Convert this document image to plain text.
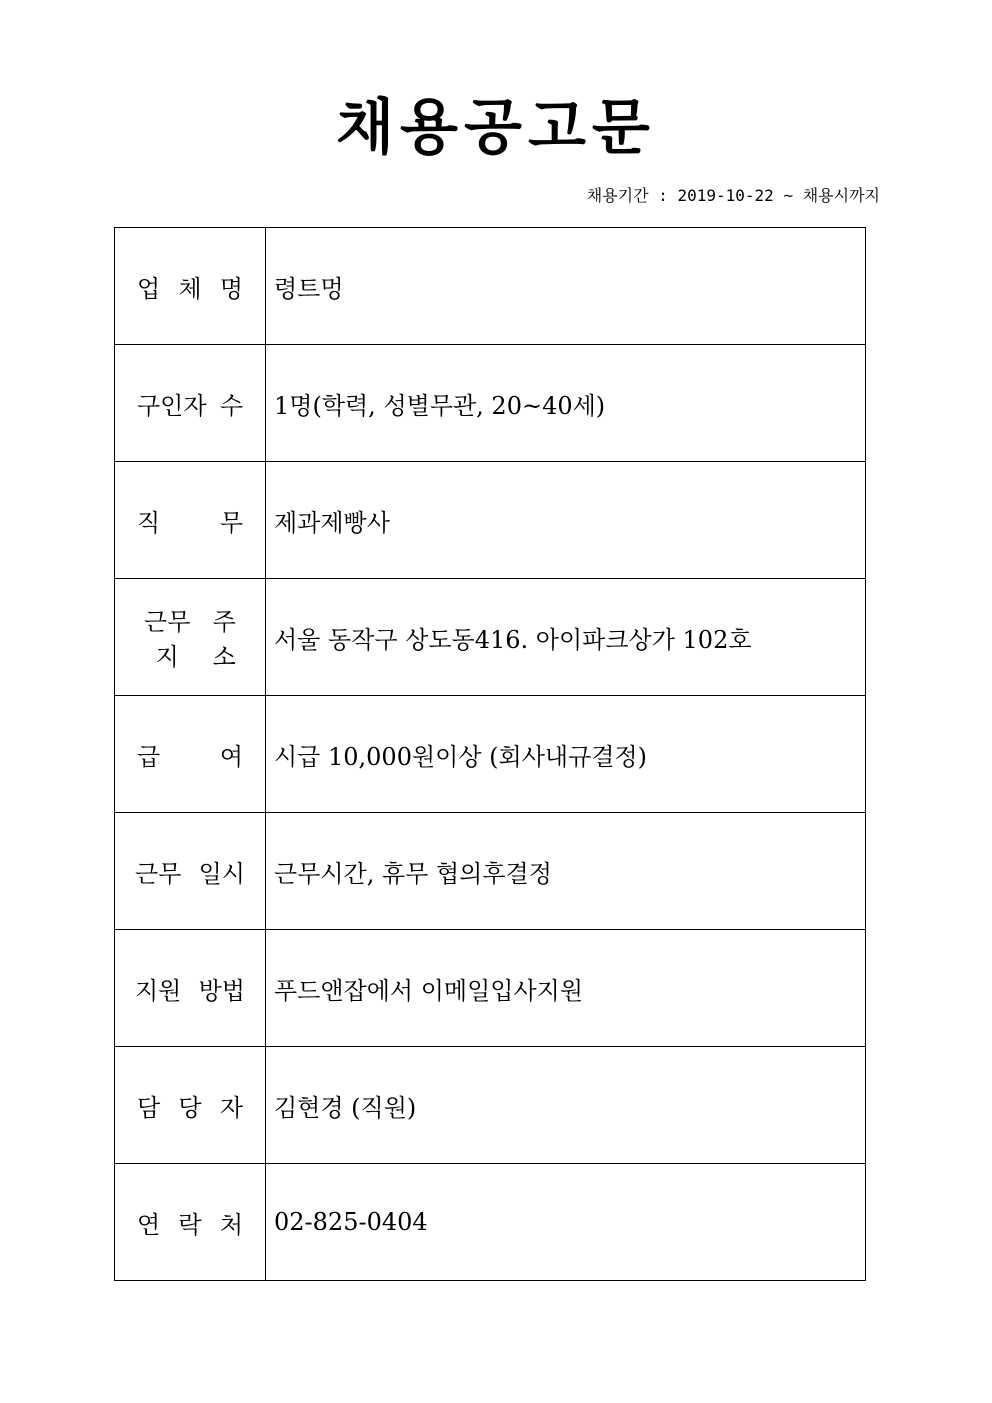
채용공고문
채용기간 : 2019-10-22 ~ 채용시까지
업 체 명	령트멍

구인자 수	1명(학력, 성별무관, 20~40세)

직 무	제과제빵사

근무지
주소	서울 동작구 상도동416. 아이파크상가 102호

급 여	시급 10,000원이상 (회사내규결정)

근무 일시	근무시간, 휴무 협의후결정

지원 방법	푸드앤잡에서 이메일입사지원

담 당 자	김현경 (직원)

연 락 처	02-825-0404
